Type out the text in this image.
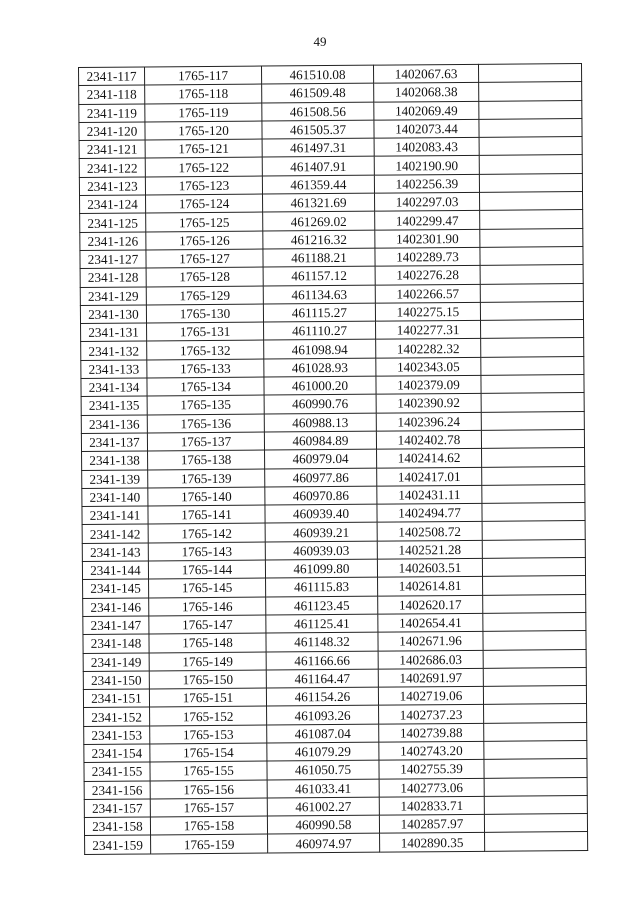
49
2341-117	1765-117	461510.08	1402067.63	
2341-118	1765-118	461509.48	1402068.38	
2341-119	1765-119	461508.56	1402069.49	
2341-120	1765-120	461505.37	1402073.44	
2341-121	1765-121	461497.31	1402083.43	
2341-122	1765-122	461407.91	1402190.90	
2341-123	1765-123	461359.44	1402256.39	
2341-124	1765-124	461321.69	1402297.03	
2341-125	1765-125	461269.02	1402299.47	
2341-126	1765-126	461216.32	1402301.90	
2341-127	1765-127	461188.21	1402289.73	
2341-128	1765-128	461157.12	1402276.28	
2341-129	1765-129	461134.63	1402266.57	
2341-130	1765-130	461115.27	1402275.15	
2341-131	1765-131	461110.27	1402277.31	
2341-132	1765-132	461098.94	1402282.32	
2341-133	1765-133	461028.93	1402343.05	
2341-134	1765-134	461000.20	1402379.09	
2341-135	1765-135	460990.76	1402390.92	
2341-136	1765-136	460988.13	1402396.24	
2341-137	1765-137	460984.89	1402402.78	
2341-138	1765-138	460979.04	1402414.62	
2341-139	1765-139	460977.86	1402417.01	
2341-140	1765-140	460970.86	1402431.11	
2341-141	1765-141	460939.40	1402494.77	
2341-142	1765-142	460939.21	1402508.72	
2341-143	1765-143	460939.03	1402521.28	
2341-144	1765-144	461099.80	1402603.51	
2341-145	1765-145	461115.83	1402614.81	
2341-146	1765-146	461123.45	1402620.17	
2341-147	1765-147	461125.41	1402654.41	
2341-148	1765-148	461148.32	1402671.96	
2341-149	1765-149	461166.66	1402686.03	
2341-150	1765-150	461164.47	1402691.97	
2341-151	1765-151	461154.26	1402719.06	
2341-152	1765-152	461093.26	1402737.23	
2341-153	1765-153	461087.04	1402739.88	
2341-154	1765-154	461079.29	1402743.20	
2341-155	1765-155	461050.75	1402755.39	
2341-156	1765-156	461033.41	1402773.06	
2341-157	1765-157	461002.27	1402833.71	
2341-158	1765-158	460990.58	1402857.97	
2341-159	1765-159	460974.97	1402890.35	
